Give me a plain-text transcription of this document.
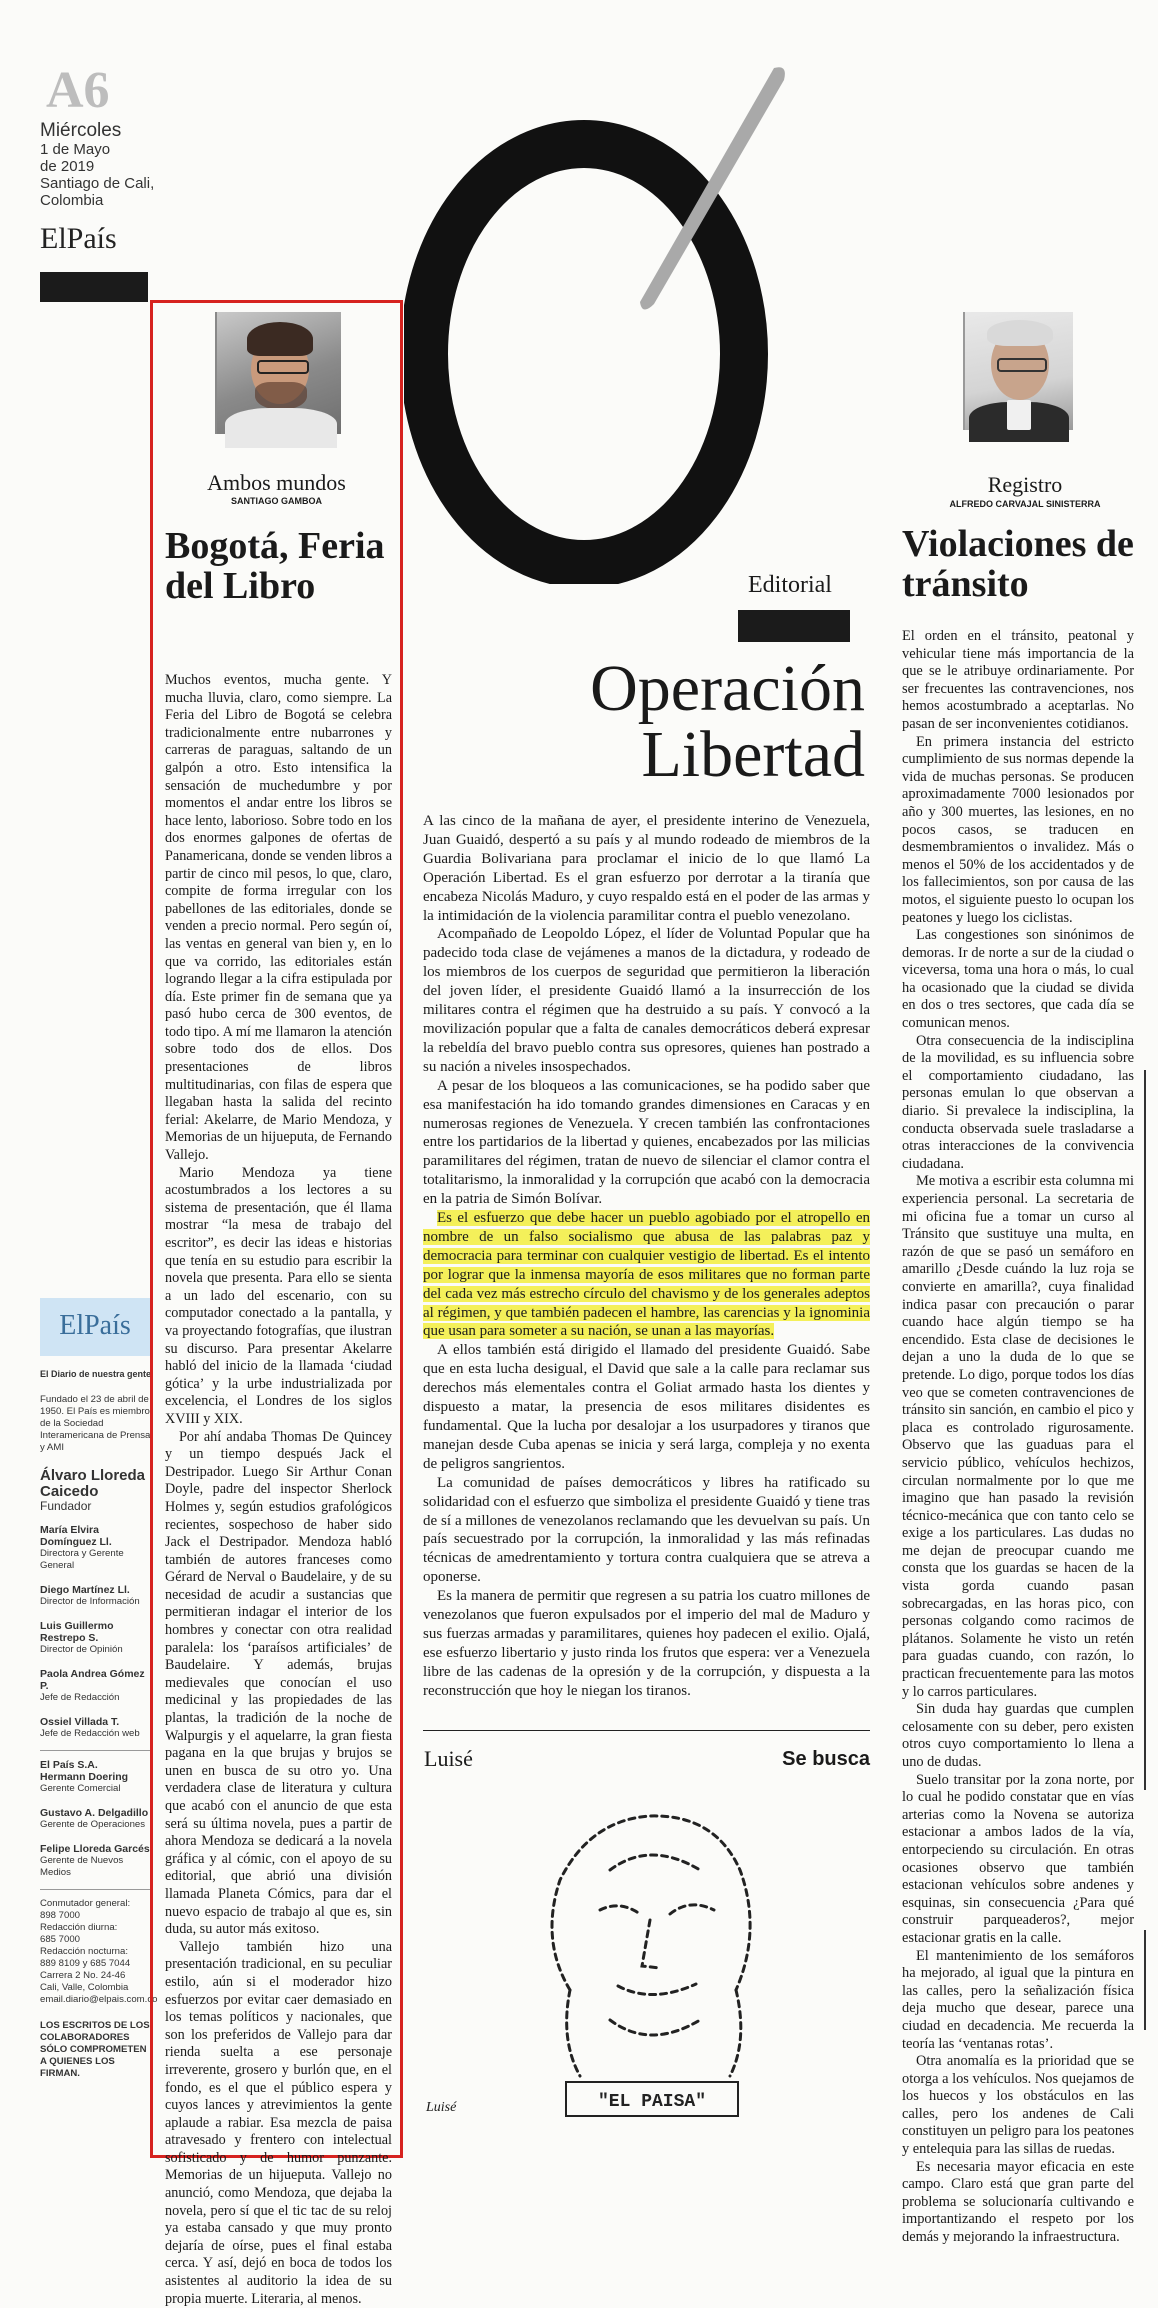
A6
Miércoles
1 de Mayo
de 2019
Santiago de Cali,
Colombia
ElPaís
ElPaís
El Diario de nuestra gente
Fundado el 23 de abril de 1950. El País es miembro de la Sociedad Interamericana de Prensa y AMI
Álvaro Lloreda Caicedo
Fundador
María Elvira Domínguez Ll.
Directora y Gerente General
Diego Martínez Ll.
Director de Información
Luis Guillermo Restrepo S.
Director de Opinión
Paola Andrea Gómez P.
Jefe de Redacción
Ossiel Villada T.
Jefe de Redacción web
El País S.A.
Hermann Doering
Gerente Comercial
Gustavo A. Delgadillo
Gerente de Operaciones
Felipe Lloreda Garcés
Gerente de Nuevos Medios
Conmutador general:
898 7000
Redacción diurna:
685 7000
Redacción nocturna:
889 8109 y 685 7044
Carrera 2 No. 24-46
Cali, Valle, Colombia
email.diario@elpais.com.co
LOS ESCRITOS DE LOS COLABORADORES SÓLO COMPROMETEN A QUIENES LOS FIRMAN.
Ambos mundos
SANTIAGO GAMBOA
Bogotá, Feria del Libro

Muchos eventos, mucha gente. Y mucha lluvia, claro, como siempre. La Feria del Libro de Bogotá se celebra tradicionalmente entre nubarrones y carreras de paraguas, saltando de un galpón a otro. Esto intensifica la sensación de muchedumbre y por momentos el andar entre los libros se hace lento, laborioso. Sobre todo en los dos enormes galpones de ofertas de Panamericana, donde se venden libros a partir de cinco mil pesos, lo que, claro, compite de forma irregular con los pabellones de las editoriales, donde se venden a precio normal. Pero según oí, las ventas en general van bien y, en lo que va corrido, las editoriales están logrando llegar a la cifra estipulada por día. Este primer fin de semana que ya pasó hubo cerca de 300 eventos, de todo tipo. A mí me llamaron la atención sobre todo dos de ellos. Dos presentaciones de libros multitudinarias, con filas de espera que llegaban hasta la salida del recinto ferial: Akelarre, de Mario Mendoza, y Memorias de un hijueputa, de Fernando Vallejo.

Mario Mendoza ya tiene acostumbrados a los lectores a su sistema de presentación, que él llama mostrar “la mesa de trabajo del escritor”, es decir las ideas e historias que tenía en su estudio para escribir la novela que presenta. Para ello se sienta a un lado del escenario, con su computador conectado a la pantalla, y va proyectando fotografías, que ilustran su discurso. Para presentar Akelarre habló del inicio de la llamada ‘ciudad gótica’ y la urbe industrializada por excelencia, el Londres de los siglos XVIII y XIX.

Por ahí andaba Thomas De Quincey y un tiempo después Jack el Destripador. Luego Sir Arthur Conan Doyle, padre del inspector Sherlock Holmes y, según estudios grafológicos recientes, sospechoso de haber sido Jack el Destripador. Mendoza habló también de autores franceses como Gérard de Nerval o Baudelaire, y de su necesidad de acudir a sustancias que permitieran indagar el interior de los hombres y conectar con otra realidad paralela: los ‘paraísos artificiales’ de Baudelaire. Y además, brujas medievales que conocían el uso medicinal y las propiedades de las plantas, la tradición de la noche de Walpurgis y el aquelarre, la gran fiesta pagana en la que brujas y brujos se unen en busca de su otro yo. Una verdadera clase de literatura y cultura que acabó con el anuncio de que esta será su última novela, pues a partir de ahora Mendoza se dedicará a la novela gráfica y al cómic, con el apoyo de su editorial, que abrió una división llamada Planeta Cómics, para dar el nuevo espacio de trabajo al que es, sin duda, su autor más exitoso.

Vallejo también hizo una presentación tradicional, en su peculiar estilo, aún si el moderador hizo esfuerzos por evitar caer demasiado en los temas políticos y nacionales, que son los preferidos de Vallejo para dar rienda suelta a ese personaje irreverente, grosero y burlón que, en el fondo, es el que el público espera y cuyos lances y atrevimientos la gente aplaude a rabiar. Esa mezcla de paisa atravesado y frentero con intelectual sofisticado y de humor punzante. Memorias de un hijueputa. Vallejo no anunció, como Mendoza, que dejaba la novela, pero sí que el tic tac de su reloj ya estaba cansado y que muy pronto dejaría de oírse, pues el final estaba cerca. Y así, dejó en boca de todos los asistentes al auditorio la idea de su propia muerte. Literaria, al menos.

Editorial
Operación
Libertad

A las cinco de la mañana de ayer, el presidente interino de Venezuela, Juan Guaidó, despertó a su país y al mundo rodeado de miembros de la Guardia Bolivariana para proclamar el inicio de lo que llamó La Operación Libertad. Es el gran esfuerzo por derrotar a la tiranía que encabeza Nicolás Maduro, y cuyo respaldo está en el poder de las armas y la intimidación de la violencia paramilitar contra el pueblo venezolano.

Acompañado de Leopoldo López, el líder de Voluntad Popular que ha padecido toda clase de vejámenes a manos de la dictadura, y rodeado de los miembros de los cuerpos de seguridad que permitieron la liberación del joven líder, el presidente Guaidó llamó a la insurrección de los militares contra el régimen que ha destruido a su país. Y convocó a la movilización popular que a falta de canales democráticos deberá expresar la rebeldía del bravo pueblo contra sus opresores, quienes han postrado a su nación a niveles insospechados.

A pesar de los bloqueos a las comunicaciones, se ha podido saber que esa manifestación ha ido tomando grandes dimensiones en Caracas y en numerosas regiones de Venezuela. Y crecen también las confrontaciones entre los partidarios de la libertad y quienes, encabezados por las milicias paramilitares del régimen, tratan de nuevo de silenciar el clamor contra el totalitarismo, la inmoralidad y la corrupción que acabó con la democracia en la patria de Simón Bolívar.

Es el esfuerzo que debe hacer un pueblo agobiado por el atropello en nombre de un falso socialismo que abusa de las palabras paz y democracia para terminar con cualquier vestigio de libertad. Es el intento por lograr que la inmensa mayoría de esos militares que no forman parte del cada vez más estrecho círculo del chavismo y de los generales adeptos al régimen, y que también padecen el hambre, las carencias y la ignominia que usan para someter a su nación, se unan a las mayorías.

A ellos también está dirigido el llamado del presidente Guaidó. Sabe que en esta lucha desigual, el David que sale a la calle para reclamar sus derechos más elementales contra el Goliat armado hasta los dientes y dispuesto a matar, la presencia de esos militares disidentes es fundamental. Que la lucha por desalojar a los usurpadores y tiranos que manejan desde Cuba apenas se inicia y será larga, compleja y no exenta de peligros sangrientos.

La comunidad de países democráticos y libres ha ratificado su solidaridad con el esfuerzo que simboliza el presidente Guaidó y tiene tras de sí a millones de venezolanos reclamando que les devuelvan su país. Un país secuestrado por la corrupción, la inmoralidad y las más refinadas técnicas de amedrentamiento y tortura contra cualquiera que se atreva a oponerse.

Es la manera de permitir que regresen a su patria los cuatro millones de venezolanos que fueron expulsados por el imperio del mal de Maduro y sus fuerzas armadas y paramilitares, quienes hoy padecen el exilio. Ojalá, ese esfuerzo libertario y justo rinda los frutos que espera: ver a Venezuela libre de las cadenas de la opresión y de la corrupción, y dispuesta a la reconstrucción que hoy le niegan los tiranos.

Luisé	Se busca
"EL PAISA"
Luisé
Registro
ALFREDO CARVAJAL SINISTERRA
Violaciones de tránsito

El orden en el tránsito, peatonal y vehicular tiene más importancia de la que se le atribuye ordinariamente. Por ser frecuentes las contravenciones, nos hemos acostumbrado a aceptarlas. No pasan de ser inconvenientes cotidianos.

En primera instancia del estricto cumplimiento de sus normas depende la vida de muchas personas. Se producen aproximadamente 7000 lesionados por año y 300 muertes, las lesiones, en no pocos casos, se traducen en desmembramientos o invalidez. Más o menos el 50% de los accidentados y de los fallecimientos, son por causa de las motos, el siguiente puesto lo ocupan los peatones y luego los ciclistas.

Las congestiones son sinónimos de demoras. Ir de norte a sur de la ciudad o viceversa, toma una hora o más, lo cual ha ocasionado que la ciudad se divida en dos o tres sectores, que cada día se comunican menos.

Otra consecuencia de la indisciplina de la movilidad, es su influencia sobre el comportamiento ciudadano, las personas emulan lo que observan a diario. Si prevalece la indisciplina, la conducta observada suele trasladarse a otras interacciones de la convivencia ciudadana.

Me motiva a escribir esta columna mi experiencia personal. La secretaria de mi oficina fue a tomar un curso al Tránsito que sustituye una multa, en razón de que se pasó un semáforo en amarillo ¿Desde cuándo la luz roja se convierte en amarilla?, cuya finalidad indica pasar con precaución o parar cuando hace algún tiempo se ha encendido. Esta clase de decisiones le dejan a uno la duda de lo que se pretende. Lo digo, porque todos los días veo que se cometen contravenciones de tránsito sin sanción, en cambio el pico y placa es controlado rigurosamente. Observo que las guaduas para el servicio público, vehículos hechizos, circulan normalmente por lo que me imagino que han pasado la revisión técnico-mecánica que con tanto celo se exige a los particulares. Las dudas no me dejan de preocupar cuando me consta que los guardas se hacen de la vista gorda cuando pasan sobrecargadas, en las horas pico, con personas colgando como racimos de plátanos. Solamente he visto un retén para guadas cuando, con razón, lo practican frecuentemente para las motos y lo carros particulares.

Sin duda hay guardas que cumplen celosamente con su deber, pero existen otros cuyo comportamiento lo llena a uno de dudas.

Suelo transitar por la zona norte, por lo cual he podido constatar que en vías arterias como la Novena se autoriza estacionar a ambos lados de la vía, entorpeciendo su circulación. En otras ocasiones observo que también estacionan vehículos sobre andenes y esquinas, sin consecuencia ¿Para qué construir parqueaderos?, mejor estacionar gratis en la calle.

El mantenimiento de los semáforos ha mejorado, al igual que la pintura en las calles, pero la señalización física deja mucho que desear, parece una ciudad en decadencia. Me recuerda la teoría las ‘ventanas rotas’.

Otra anomalía es la prioridad que se otorga a los vehículos. Nos quejamos de los huecos y los obstáculos en las calles, pero los andenes de Cali constituyen un peligro para los peatones y entelequia para las sillas de ruedas.

Es necesaria mayor eficacia en este campo. Claro está que gran parte del problema se solucionaría cultivando e importantizando el respeto por los demás y mejorando la infraestructura.
